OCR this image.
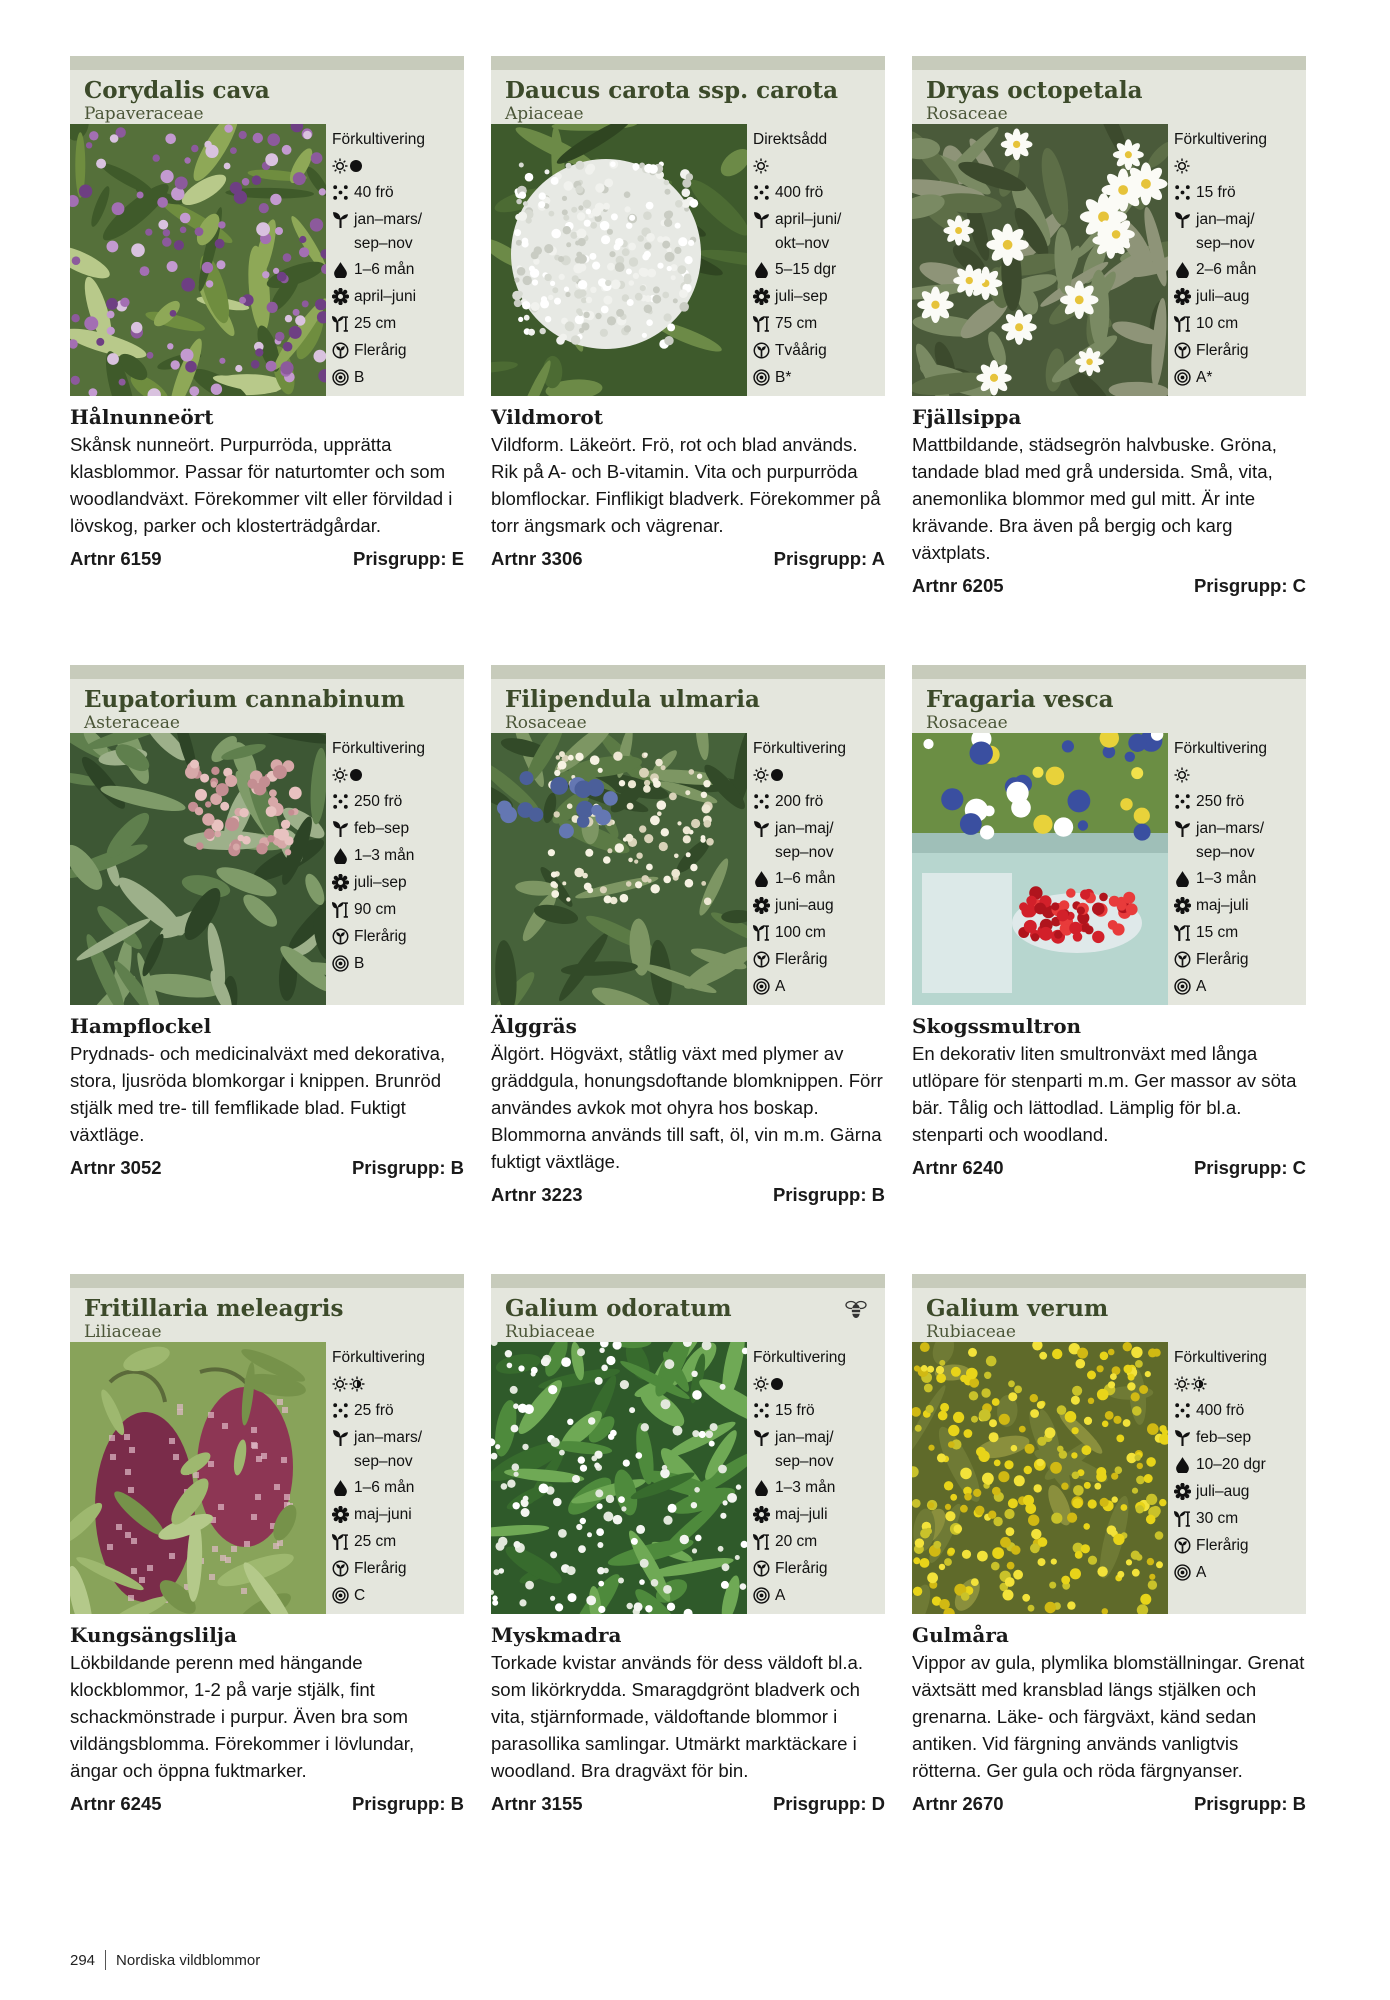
Corydalis cava
Papaveraceae
Förkultivering
40 frö
jan–mars/
sep–nov
1–6 mån
april–juni
25 cm
Flerårig
B
Hålnunneört
Skånsk nunneört. Purpurröda, upprätta klasblommor. Passar för naturtomter och som woodlandväxt. Förekommer vilt eller förvildad i lövskog, parker och klosterträdgårdar.
Artnr 6159	Prisgrupp: E
Daucus carota ssp. carota
Apiaceae
Direktsådd
400 frö
april–juni/
okt–nov
5–15 dgr
juli–sep
75 cm
Tvåårig
B*
Vildmorot
Vildform. Läkeört. Frö, rot och blad används. Rik på A- och B-vitamin. Vita och purpurröda blomflockar. Finflikigt bladverk. Förekommer på torr ängsmark och vägrenar.
Artnr 3306	Prisgrupp: A
Dryas octopetala
Rosaceae
Förkultivering
15 frö
jan–maj/
sep–nov
2–6 mån
juli–aug
10 cm
Flerårig
A*
Fjällsippa
Mattbildande, städsegrön halvbuske. Gröna, tandade blad med grå undersida. Små, vita, anemonlika blommor med gul mitt. Är inte krävande. Bra även på bergig och karg växtplats.
Artnr 6205	Prisgrupp: C
Eupatorium cannabinum
Asteraceae
Förkultivering
250 frö
feb–sep
1–3 mån
juli–sep
90 cm
Flerårig
B
Hampflockel
Prydnads- och medicinalväxt med dekorativa, stora, ljusröda blomkorgar i knippen. Brunröd stjälk med tre- till femflikade blad. Fuktigt växtläge.
Artnr 3052	Prisgrupp: B
Filipendula ulmaria
Rosaceae
Förkultivering
200 frö
jan–maj/
sep–nov
1–6 mån
juni–aug
100 cm
Flerårig
A
Älggräs
Älgört. Högväxt, ståtlig växt med plymer av gräddgula, honungsdoftande blomknippen. Förr användes avkok mot ohyra hos boskap. Blommorna används till saft, öl, vin m.m. Gärna fuktigt växtläge.
Artnr 3223	Prisgrupp: B
Fragaria vesca
Rosaceae
Förkultivering
250 frö
jan–mars/
sep–nov
1–3 mån
maj–juli
15 cm
Flerårig
A
Skogssmultron
En dekorativ liten smultronväxt med långa utlöpare för stenparti m.m. Ger massor av söta bär. Tålig och lättodlad. Lämplig för bl.a. stenparti och woodland.
Artnr 6240	Prisgrupp: C
Fritillaria meleagris
Liliaceae
Förkultivering
25 frö
jan–mars/
sep–nov
1–6 mån
maj–juni
25 cm
Flerårig
C
Kungsängslilja
Lökbildande perenn med hängande klockblommor, 1-2 på varje stjälk, fint schackmönstrade i purpur. Även bra som vildängsblomma. Förekommer i lövlundar, ängar och öppna fuktmarker.
Artnr 6245	Prisgrupp: B
Galium odoratum
Rubiaceae
Förkultivering
15 frö
jan–maj/
sep–nov
1–3 mån
maj–juli
20 cm
Flerårig
A
Myskmadra
Torkade kvistar används för dess väldoft bl.a. som likörkrydda. Smaragdgrönt bladverk och vita, stjärnformade, väldoftande blommor i parasollika samlingar. Utmärkt marktäckare i woodland. Bra dragväxt för bin.
Artnr 3155	Prisgrupp: D
Galium verum
Rubiaceae
Förkultivering
400 frö
feb–sep
10–20 dgr
juli–aug
30 cm
Flerårig
A
Gulmåra
Vippor av gula, plymlika blomställningar. Grenat växtsätt med kransblad längs stjälken och grenarna. Läke- och färgväxt, känd sedan antiken. Vid färgning används vanligtvis rötterna. Ger gula och röda färgnyanser.
Artnr 2670	Prisgrupp: B
294 Nordiska vildblommor
